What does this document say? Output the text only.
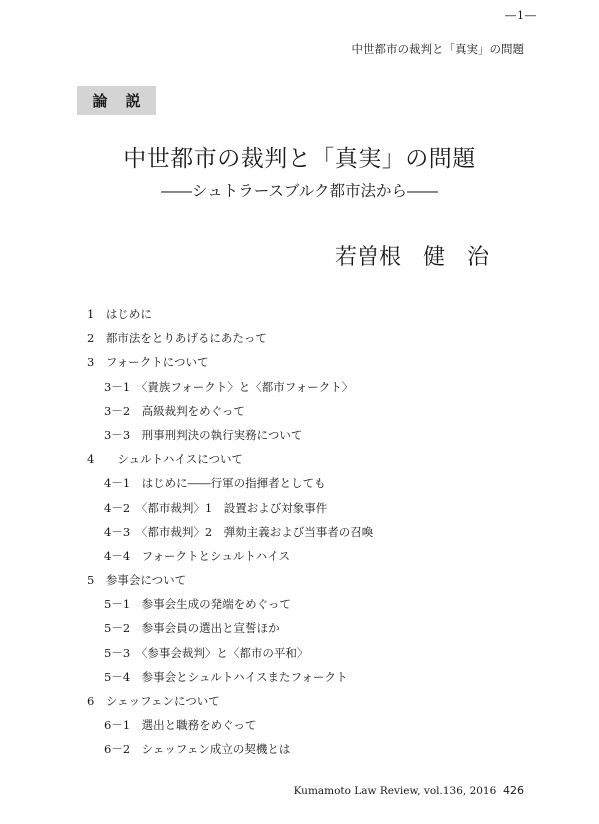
―1―
中世都市の裁判と「真実」の問題
論説
中世都市の裁判と「真実」の問題
――シュトラースブルク都市法から――
若曽根　健　治
1　はじめに
2　都市法をとりあげるにあたって
3　フォークトについて
3－1　〈貴族フォークト〉と〈都市フォークト〉
3－2　高級裁判をめぐって
3－3　刑事刑判決の執行実務について
4　　シュルトハイスについて
4－1　はじめに――行軍の指揮者としても
4－2　〈都市裁判〉1　設置および対象事件
4－3　〈都市裁判〉2　弾劾主義および当事者の召喚
4－4　フォークトとシュルトハイス
5　参事会について
5－1　参事会生成の発端をめぐって
5－2　参事会員の選出と宣誓ほか
5－3　〈参事会裁判〉と〈都市の平和〉
5－4　参事会とシュルトハイスまたフォークト
6　シェッフェンについて
6－1　選出と職務をめぐって
6－2　シェッフェン成立の契機とは
Kumamoto Law Review, vol.136, 2016 426
